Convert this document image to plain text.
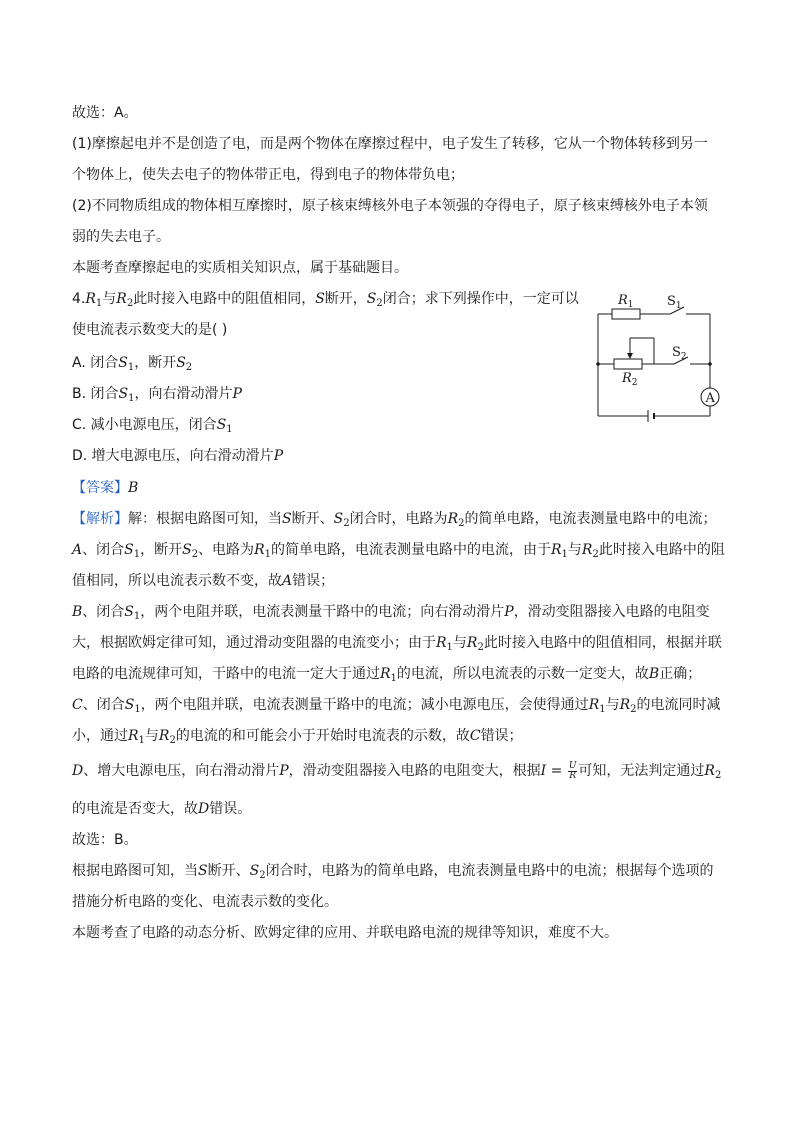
故选：A。
(1)摩擦起电并不是创造了电，而是两个物体在摩擦过程中，电子发生了转移，它从一个物体转移到另一
个物体上，使失去电子的物体带正电，得到电子的物体带负电；
(2)不同物质组成的物体相互摩擦时，原子核束缚核外电子本领强的夺得电子，原子核束缚核外电子本领
弱的失去电子。
本题考查摩擦起电的实质相关知识点，属于基础题目。
$4.R_1$与$R_2$此时接入电路中的阻值相同，S断开，$S_2$闭合；求下列操作中，一定可以
使电流表示数变大的是( )
A. 闭合$S_1$，断开$S_2$
B. 闭合$S_1$，向右滑动滑片P
C. 减小电源电压，闭合$S_1$
D. 增大电源电压，向右滑动滑片P
$R_1$	$S_1$
$S_2$
$R_2$
A
【答案】B
【解析】解：根据电路图可知，当S断开、$S_2$闭合时，电路为$R_2$的简单电路，电流表测量电路中的电流；
A、闭合$S_1$，断开$S_2$、电路为$R_1$的简单电路，电流表测量电路中的电流，由于$R_1$与$R_2$此时接入电路中的阻
值相同，所以电流表示数不变，故A错误；
B、闭合$S_1$，两个电阻并联，电流表测量干路中的电流；向右滑动滑片P，滑动变阻器接入电路的电阻变
大，根据欧姆定律可知，通过滑动变阻器的电流变小；由于$R_1$与$R_2$此时接入电路中的阻值相同，根据并联
电路的电流规律可知，干路中的电流一定大于通过$R_1$的电流，所以电流表的示数一定变大，故B正确；
C、闭合$S_1$，两个电阻并联，电流表测量干路中的电流；减小电源电压，会使得通过$R_1$与$R_2$的电流同时减
小，通过$R_1$与$R_2$的电流的和可能会小于开始时电流表的示数，故C错误；
D、增大电源电压，向右滑动滑片P，滑动变阻器接入电路的电阻变大，根据$I = \frac{U}{R}$ 可知，无法判定通过$R_2$
的电流是否变大，故D错误。
故选：B。
根据电路图可知，当S断开、$S_2$闭合时，电路为的简单电路，电流表测量电路中的电流；根据每个选项的
措施分析电路的变化、电流表示数的变化。
本题考查了电路的动态分析、欧姆定律的应用、并联电路电流的规律等知识，难度不大。
